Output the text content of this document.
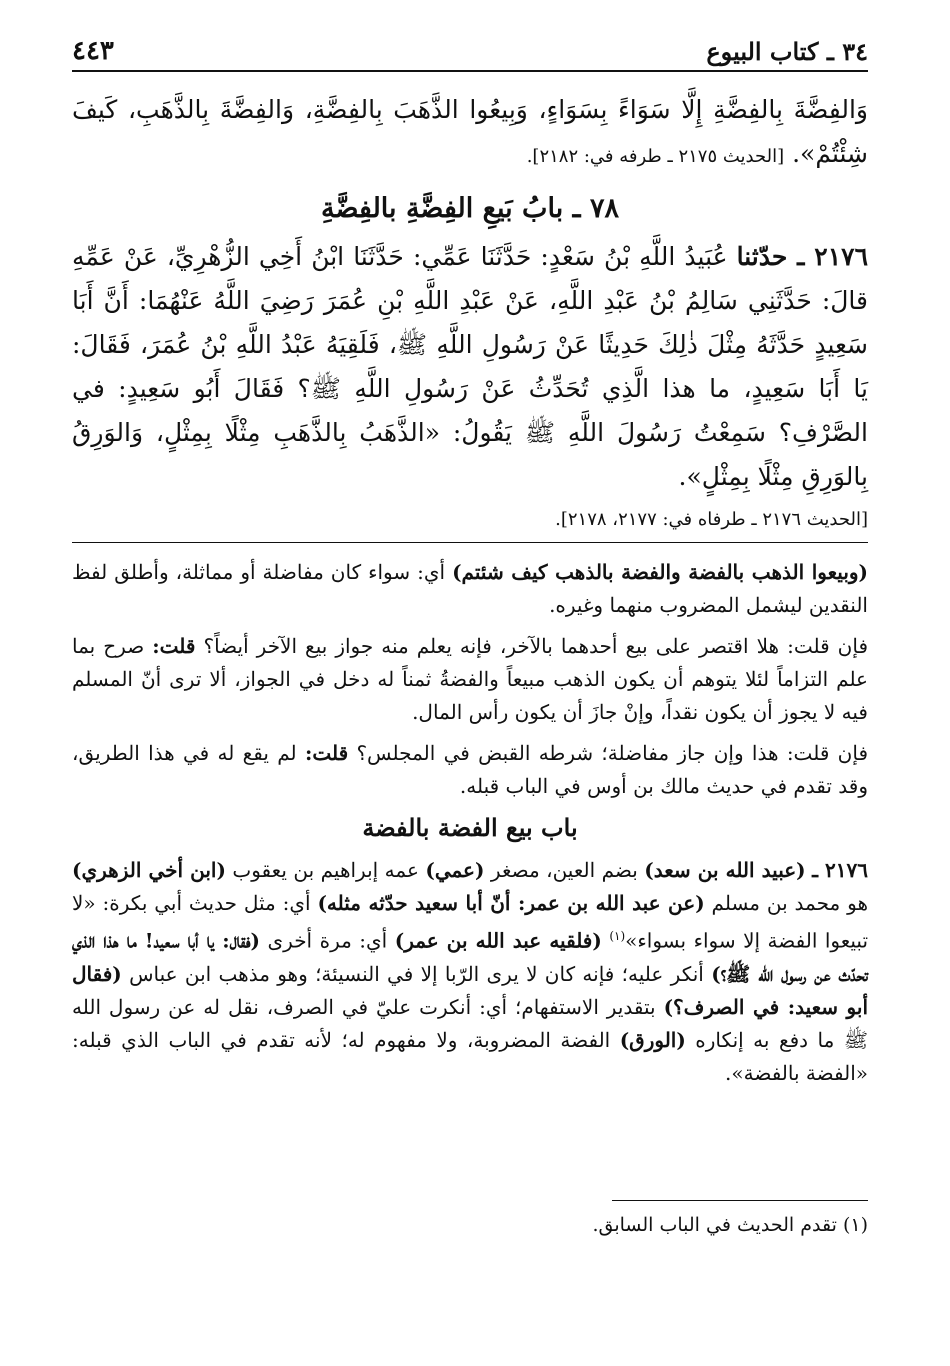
٣٤ ـ كتاب البيوع
٤٤٣

وَالفِضَّةَ بِالفِضَّةِ إِلَّا سَوَاءً بِسَوَاءٍ، وَبِيعُوا الذَّهَبَ بِالفِضَّةِ، وَالفِضَّةَ بِالذَّهَبِ، كَيفَ شِئْتُمْ». [الحديث ٢١٧٥ ـ طرفه في: ٢١٨٢].

٧٨ ـ بابُ بَيعِ الفِضَّةِ بالفِضَّةِ

٢١٧٦ ـ حدّثنا عُبَيدُ اللَّهِ بْنُ سَعْدٍ: حَدَّثَنَا عَمِّي: حَدَّثَنَا ابْنُ أَخِي الزُّهْرِيِّ، عَنْ عَمِّهِ قالَ: حَدَّثَنِي سَالِمُ بْنُ عَبْدِ اللَّهِ، عَنْ عَبْدِ اللَّهِ بْنِ عُمَرَ رَضِيَ اللَّهُ عَنْهُمَا: أَنَّ أَبَا سَعِيدٍ حَدَّثَهُ مِثْلَ ذٰلِكَ حَدِيثًا عَنْ رَسُولِ اللَّهِ ﷺ، فَلَقِيَهُ عَبْدُ اللَّهِ بْنُ عُمَرَ، فَقَالَ: يَا أَبَا سَعِيدٍ، ما هذا الَّذِي تُحَدِّثُ عَنْ رَسُولِ اللَّهِ ﷺ؟ فَقَالَ أَبُو سَعِيدٍ: في الصَّرْفِ؟ سَمِعْتُ رَسُولَ اللَّهِ ﷺ يَقُولُ: «الذَّهَبُ بِالذَّهَبِ مِثْلًا بِمِثْلٍ، وَالوَرِقُ بِالوَرِقِ مِثْلًا بِمِثْلٍ».

[الحديث ٢١٧٦ ـ طرفاه في: ٢١٧٧، ٢١٧٨].

(وبيعوا الذهب بالفضة والفضة بالذهب كيف شئتم) أي: سواء كان مفاضلة أو مماثلة، وأطلق لفظ النقدين ليشمل المضروب منهما وغيره.

فإن قلت: هلا اقتصر على بيع أحدهما بالآخر، فإنه يعلم منه جواز بيع الآخر أيضاً؟ قلت: صرح بما علم التزاماً لئلا يتوهم أن يكون الذهب مبيعاً والفضةُ ثمناً له دخل في الجواز، ألا ترى أنّ المسلم فيه لا يجوز أن يكون نقداً، وإنْ جازَ أن يكون رأس المال.

فإن قلت: هذا وإن جاز مفاضلة؛ شرطه القبض في المجلس؟ قلت: لم يقع له في هذا الطريق، وقد تقدم في حديث مالك بن أوس في الباب قبله.

باب بيع الفضة بالفضة

٢١٧٦ ـ (عبيد الله بن سعد) بضم العين، مصغر (عمي) عمه إبراهيم بن يعقوب (ابن أخي الزهري) هو محمد بن مسلم (عن عبد الله بن عمر: أنّ أبا سعيد حدّثه مثله) أي: مثل حديث أبي بكرة: «لا تبيعوا الفضة إلا سواء بسواء»$^{(١)}$ (فلقيه عبد الله بن عمر) أي: مرة أخرى (فقال: يا أبا سعيد! ما هذا الذي تحدّث عن رسول الله ﷺ؟) أنكر عليه؛ فإنه كان لا يرى الرّبا إلا في النسيئة؛ وهو مذهب ابن عباس (فقال أبو سعيد: في الصرف؟) بتقدير الاستفهام؛ أي: أنكرت عليّ في الصرف، نقل له عن رسول الله ﷺ ما دفع به إنكاره (الورق) الفضة المضروبة، ولا مفهوم له؛ لأنه تقدم في الباب الذي قبله: «الفضة بالفضة».

(١) تقدم الحديث في الباب السابق.
